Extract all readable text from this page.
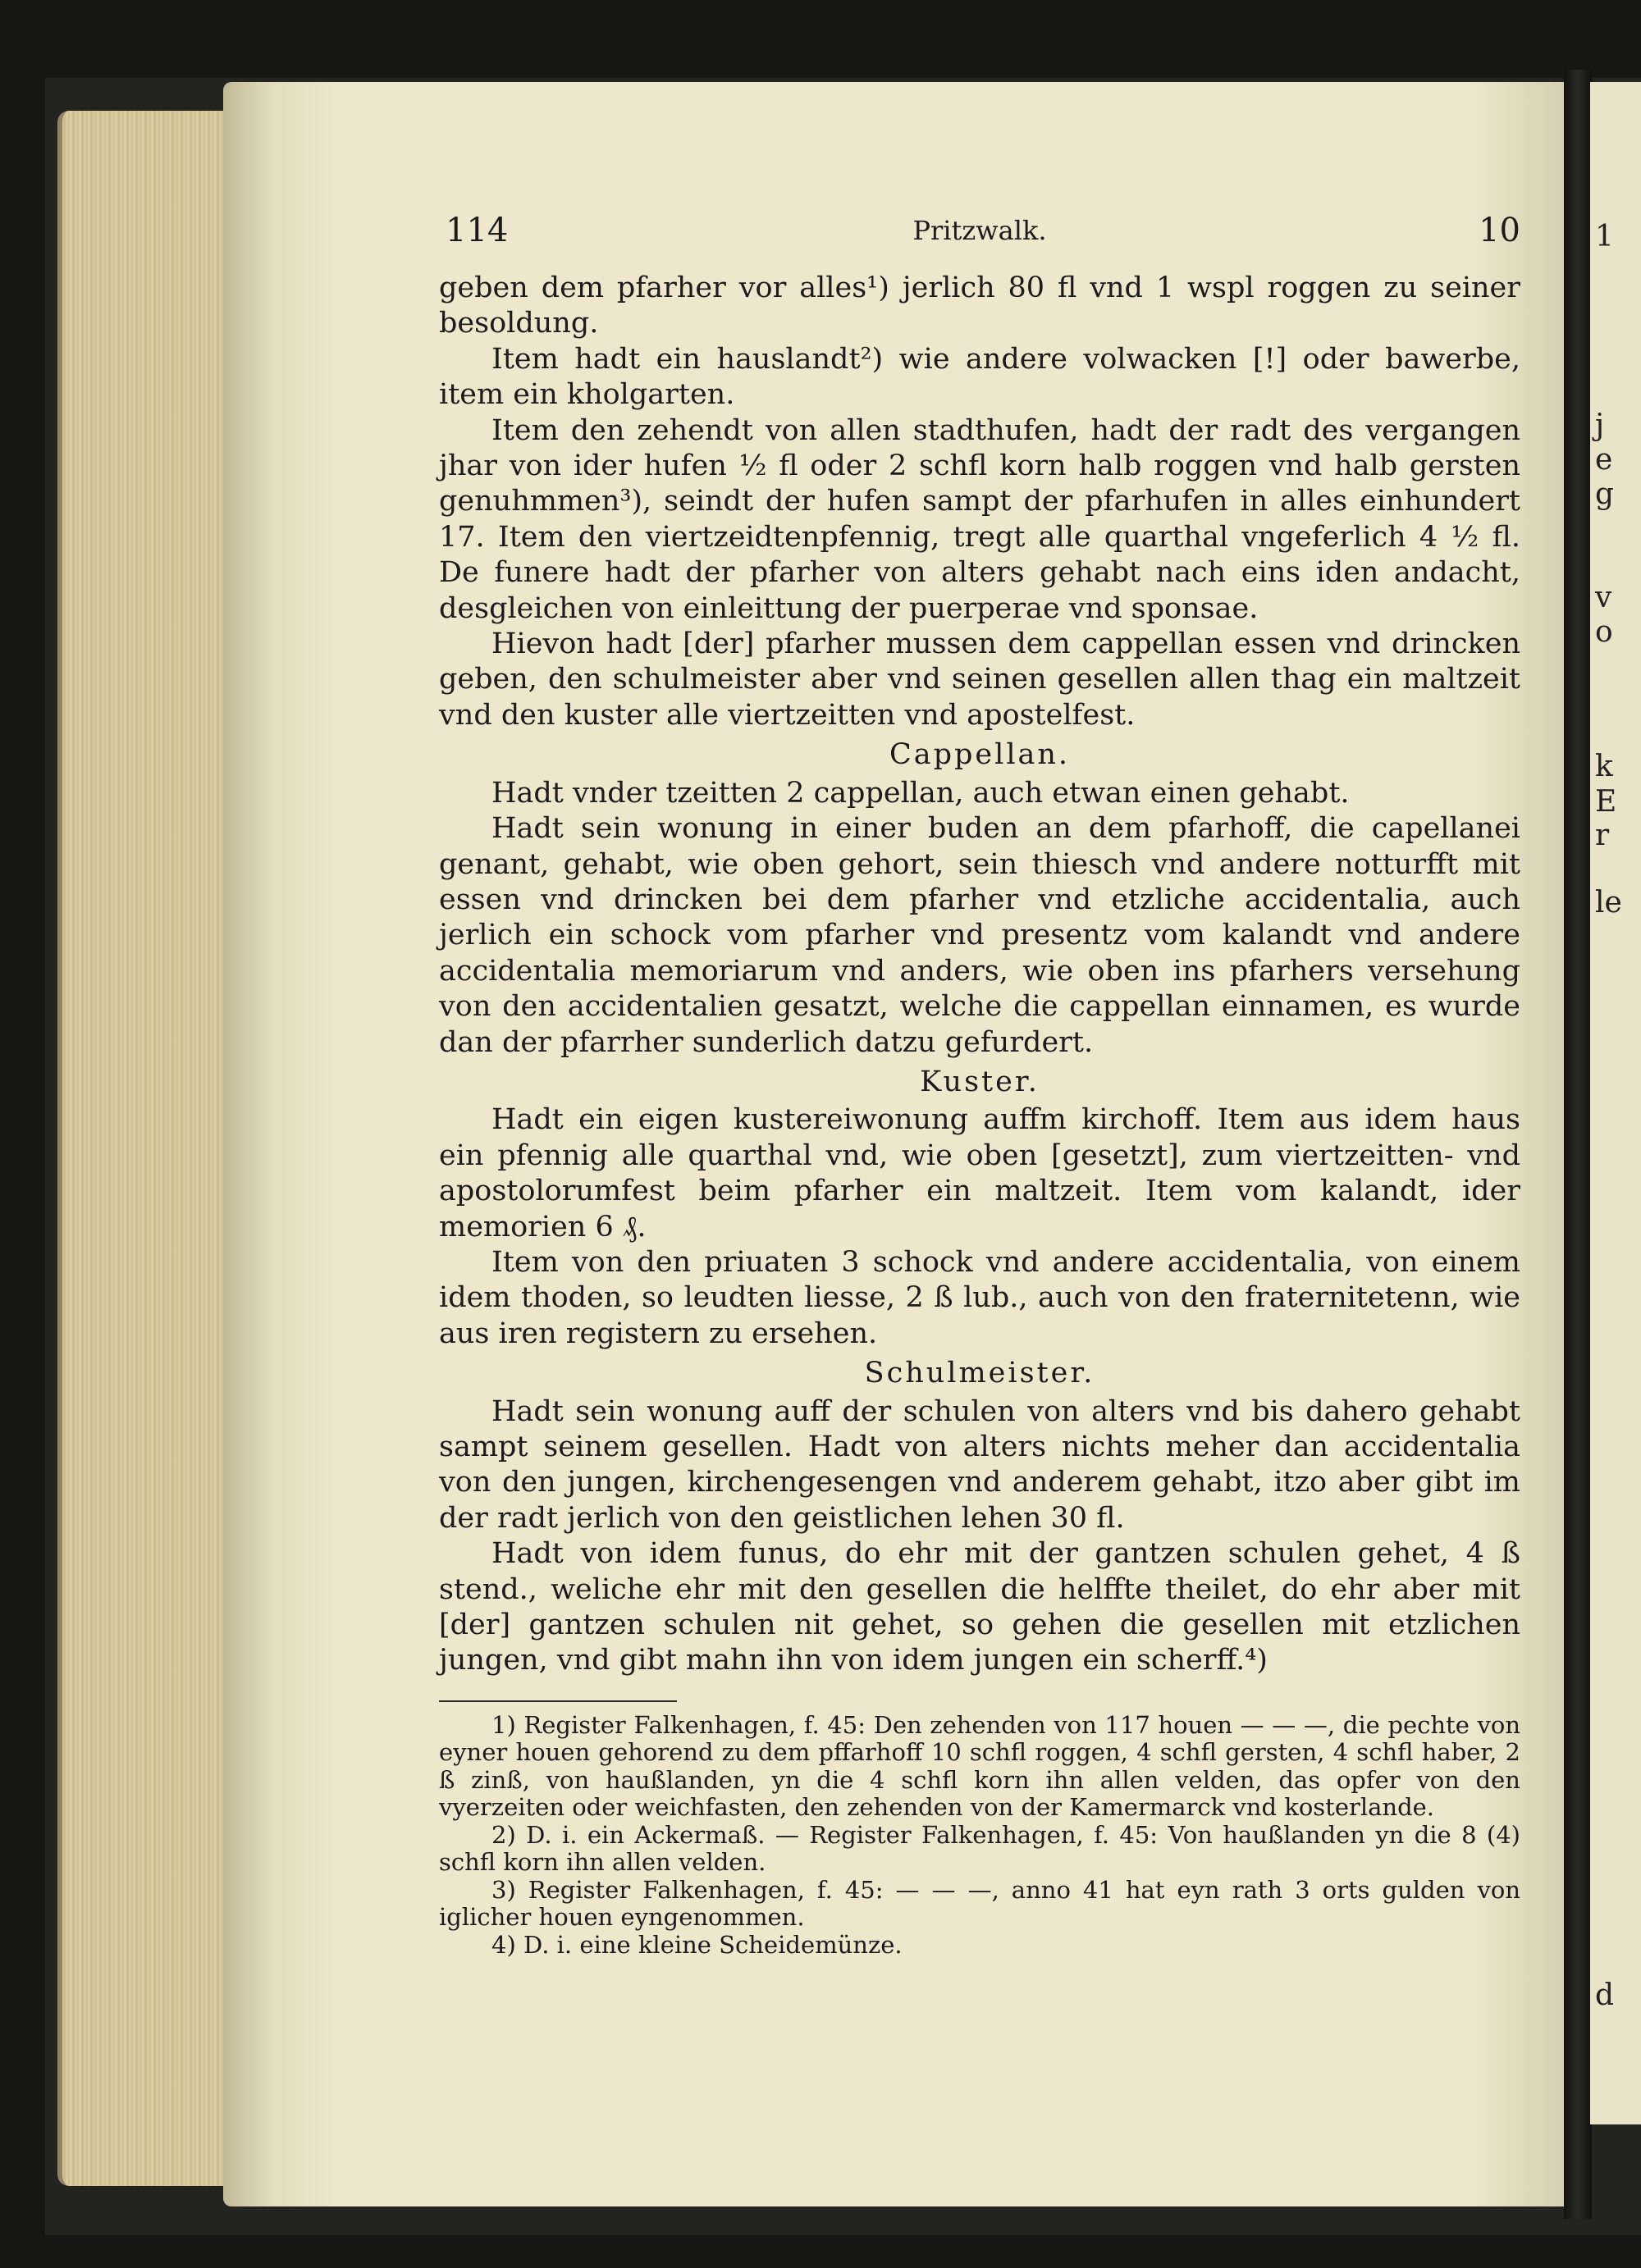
1
j
e
g
v
o
k
E
r
le
d
114	Pritzwalk.	10

geben dem pfarher vor alles¹) jerlich 80 fl vnd 1 wspl roggen zu seiner besoldung.

Item hadt ein hauslandt²) wie andere volwacken [!] oder bawerbe, item ein kholgarten.

Item den zehendt von allen stadthufen, hadt der radt des vergangen jhar von ider hufen ½ fl oder 2 schfl korn halb roggen vnd halb gersten genuhmmen³), seindt der hufen sampt der pfarhufen in alles einhundert 17. Item den viertzeidtenpfennig, tregt alle quarthal vngeferlich 4 ½ fl. De funere hadt der pfarher von alters gehabt nach eins iden andacht, desgleichen von einleittung der puerperae vnd sponsae.

Hievon hadt [der] pfarher mussen dem cappellan essen vnd drincken geben, den schulmeister aber vnd seinen gesellen allen thag ein maltzeit vnd den kuster alle viertzeitten vnd apostelfest.

Cappellan.

Hadt vnder tzeitten 2 cappellan, auch etwan einen gehabt.

Hadt sein wonung in einer buden an dem pfarhoff, die capellanei genant, gehabt, wie oben gehort, sein thiesch vnd andere notturfft mit essen vnd drincken bei dem pfarher vnd etzliche accidentalia, auch jerlich ein schock vom pfarher vnd presentz vom kalandt vnd andere accidentalia memoriarum vnd anders, wie oben ins pfarhers versehung von den accidentalien gesatzt, welche die cappellan einnamen, es wurde dan der pfarrher sunderlich datzu gefurdert.

Kuster.

Hadt ein eigen kustereiwonung auffm kirchoff. Item aus idem haus ein pfennig alle quarthal vnd, wie oben [gesetzt], zum viertzeitten- vnd apostolorumfest beim pfarher ein maltzeit. Item vom kalandt, ider memorien 6 ₰.

Item von den priuaten 3 schock vnd andere accidentalia, von einem idem thoden, so leudten liesse, 2 ß lub., auch von den fraternitetenn, wie aus iren registern zu ersehen.

Schulmeister.

Hadt sein wonung auff der schulen von alters vnd bis dahero gehabt sampt seinem gesellen. Hadt von alters nichts meher dan accidentalia von den jungen, kirchengesengen vnd anderem gehabt, itzo aber gibt im der radt jerlich von den geistlichen lehen 30 fl.

Hadt von idem funus, do ehr mit der gantzen schulen gehet, 4 ß stend., weliche ehr mit den gesellen die helffte theilet, do ehr aber mit [der] gantzen schulen nit gehet, so gehen die gesellen mit etzlichen jungen, vnd gibt mahn ihn von idem jungen ein scherff.⁴)

1) Register Falkenhagen, f. 45: Den zehenden von 117 houen — — —, die pechte von eyner houen gehorend zu dem pffarhoff 10 schfl roggen, 4 schfl gersten, 4 schfl haber, 2 ß zinß, von haußlanden, yn die 4 schfl korn ihn allen velden, das opfer von den vyerzeiten oder weichfasten, den zehenden von der Kamermarck vnd kosterlande.

2) D. i. ein Ackermaß. — Register Falkenhagen, f. 45: Von haußlanden yn die 8 (4) schfl korn ihn allen velden.

3) Register Falkenhagen, f. 45: — — —, anno 41 hat eyn rath 3 orts gulden von iglicher houen eyngenommen.

4) D. i. eine kleine Scheidemünze.
